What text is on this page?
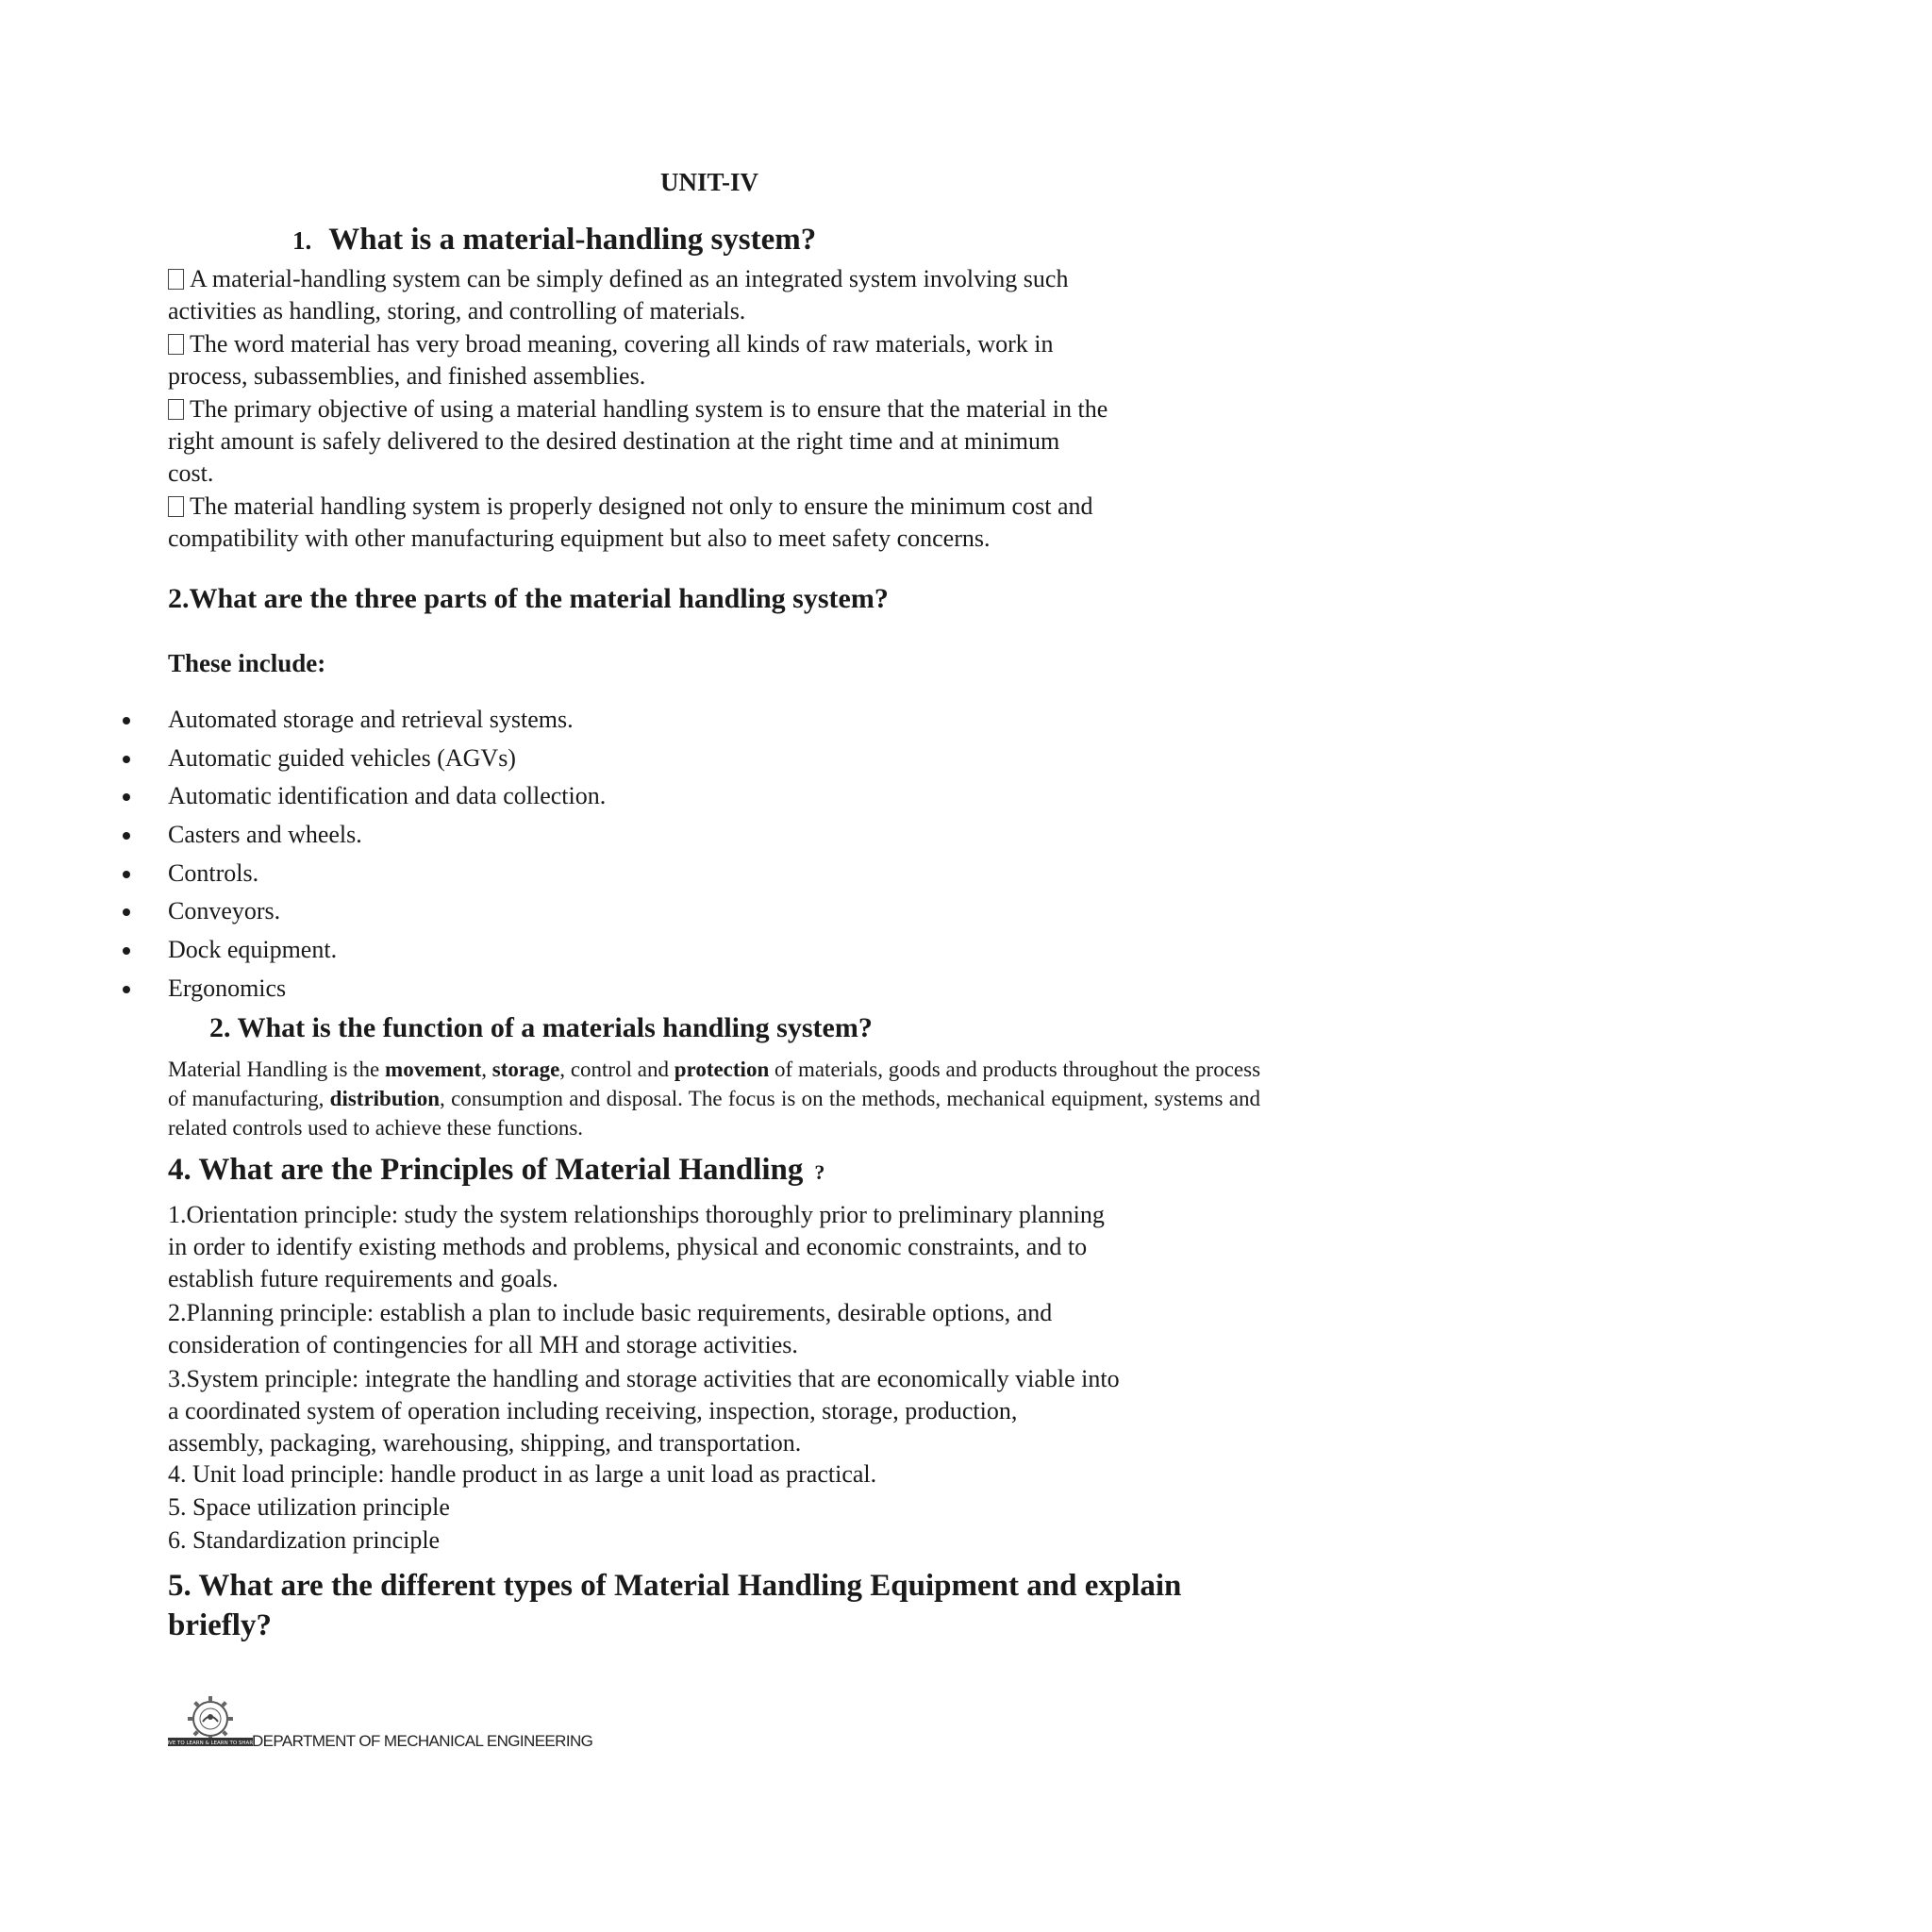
UNIT-IV
1. What is a material-handling system?
A material-handling system can be simply defined as an integrated system involving such
activities as handling, storing, and controlling of materials.
The word material has very broad meaning, covering all kinds of raw materials, work in
process, subassemblies, and finished assemblies.
The primary objective of using a material handling system is to ensure that the material in the
right amount is safely delivered to the desired destination at the right time and at minimum
cost.
The material handling system is properly designed not only to ensure the minimum cost and
compatibility with other manufacturing equipment but also to meet safety concerns.
2.What are the three parts of the material handling system?
These include:
Automated storage and retrieval systems.
Automatic guided vehicles (AGVs)
Automatic identification and data collection.
Casters and wheels.
Controls.
Conveyors.
Dock equipment.
Ergonomics
2. What is the function of a materials handling system?
Material Handling is the movement, storage, control and protection of materials, goods and products throughout the process of manufacturing, distribution, consumption and disposal. The focus is on the methods, mechanical equipment, systems and related controls used to achieve these functions.
4. What are the Principles of Material Handling ?
1.Orientation principle: study the system relationships thoroughly prior to preliminary planning
in order to identify existing methods and problems, physical and economic constraints, and to
establish future requirements and goals.
2.Planning principle: establish a plan to include basic requirements, desirable options, and
consideration of contingencies for all MH and storage activities.
3.System principle: integrate the handling and storage activities that are economically viable into
a coordinated system of operation including receiving, inspection, storage, production,
assembly, packaging, warehousing, shipping, and transportation.
4. Unit load principle: handle product in as large a unit load as practical.
5. Space utilization principle
6. Standardization principle
5. What are the different types of Material Handling Equipment and explain
briefly?
LIVE TO LEARN & LEARN TO SHARE
DEPARTMENT OF MECHANICAL ENGINEERING
